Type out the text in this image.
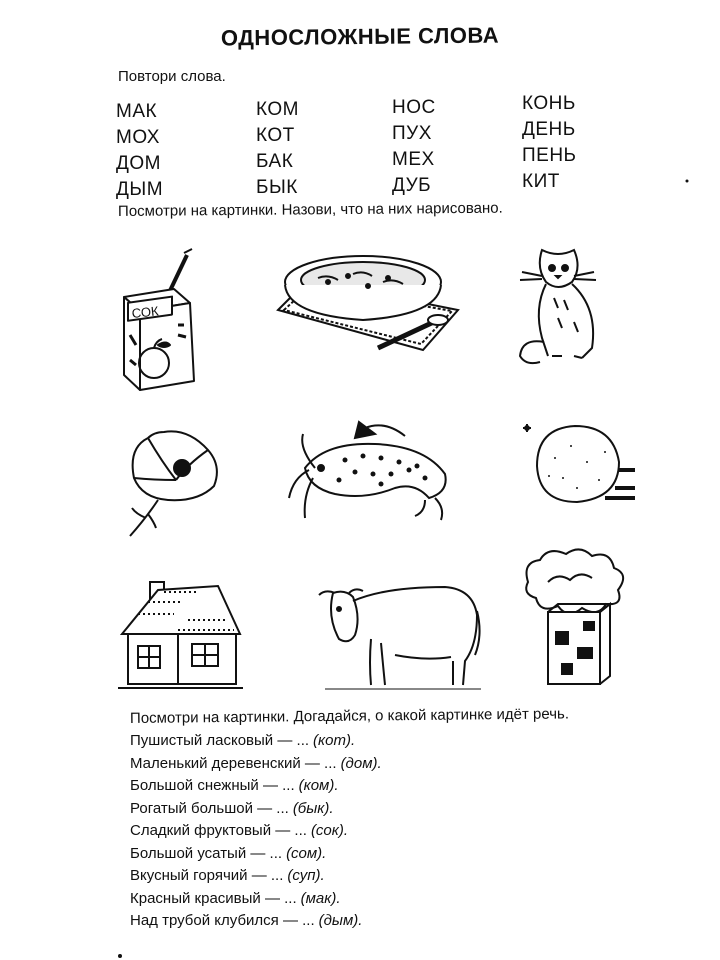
ОДНОСЛОЖНЫЕ СЛОВА
Повтори слова.
МАК
МОХ
ДОМ
ДЫМ
КОМ
КОТ
БАК
БЫК
НОС
ПУХ
МЕХ
ДУБ
КОНЬ
ДЕНЬ
ПЕНЬ
КИТ
Посмотри на картинки. Назови, что на них нарисовано.
СОК
Посмотри на картинки. Догадайся, о какой картинке идёт речь.
Пушистый ласковый — ... (кот).
Маленький деревенский — ... (дом).
Большой снежный — ... (ком).
Рогатый большой — ... (бык).
Сладкий фруктовый — ... (сок).
Большой усатый — ... (сом).
Вкусный горячий — ... (суп).
Красный красивый — ... (мак).
Над трубой клубился — ... (дым).
